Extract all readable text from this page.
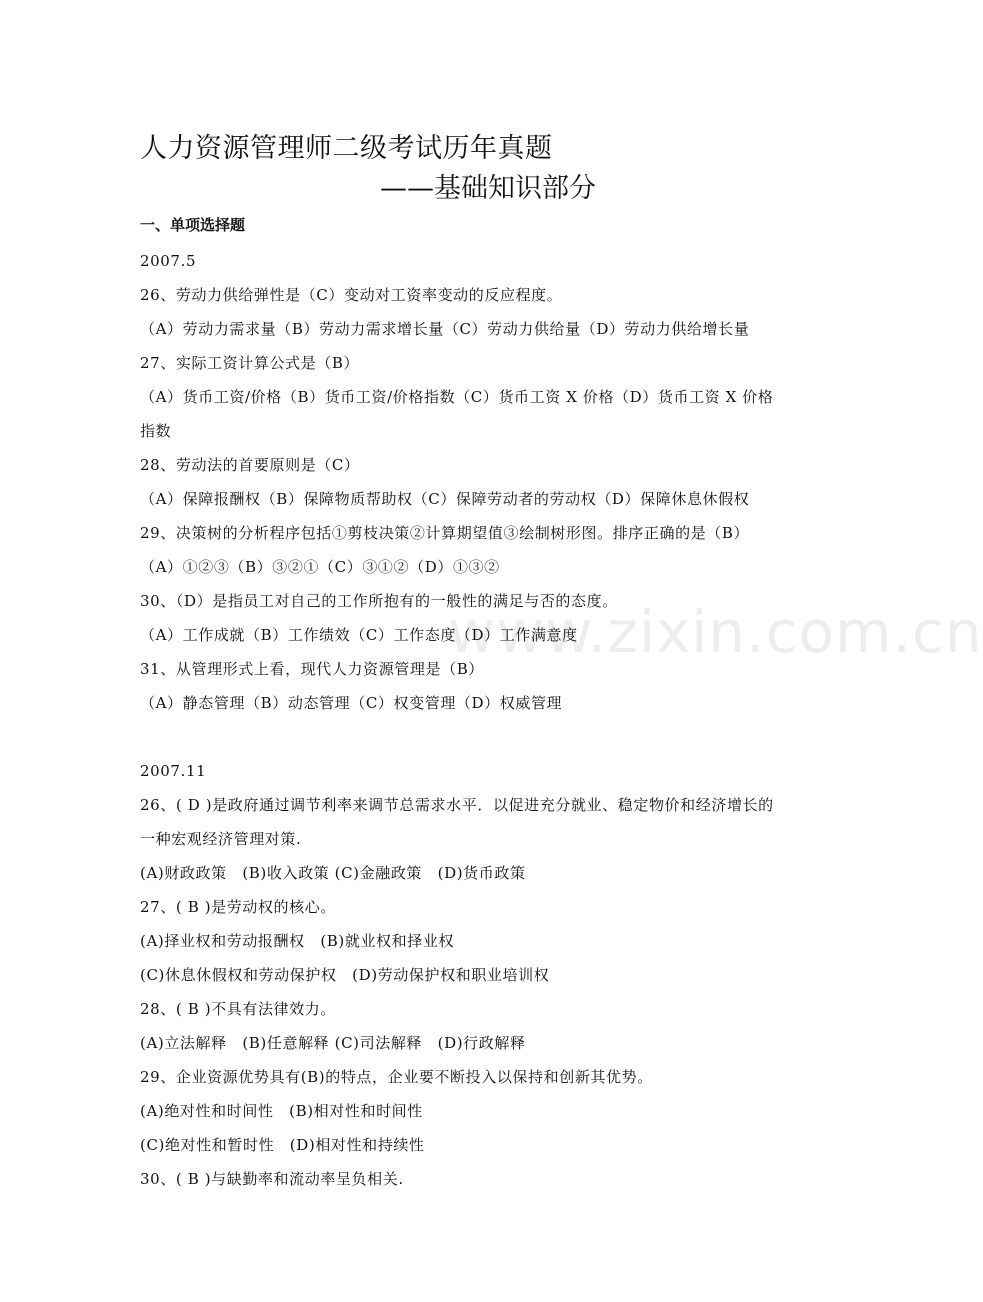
人力资源管理师二级考试历年真题
——基础知识部分
一、单项选择题
2007.5
26、劳动力供给弹性是（C）变动对工资率变动的反应程度。
（A）劳动力需求量（B）劳动力需求增长量（C）劳动力供给量（D）劳动力供给增长量
27、实际工资计算公式是（B）
（A）货币工资/价格（B）货币工资/价格指数（C）货币工资 X 价格（D）货币工资 X 价格
指数
28、劳动法的首要原则是（C）
（A）保障报酬权（B）保障物质帮助权（C）保障劳动者的劳动权（D）保障休息休假权
29、决策树的分析程序包括①剪枝决策②计算期望值③绘制树形图。排序正确的是（B）
（A）①②③（B）③②①（C）③①②（D）①③②
30、（D）是指员工对自己的工作所抱有的一般性的满足与否的态度。
（A）工作成就（B）工作绩效（C）工作态度（D）工作满意度
31、从管理形式上看，现代人力资源管理是（B）
（A）静态管理（B）动态管理（C）权变管理（D）权威管理
2007.11
26、( D )是政府通过调节利率来调节总需求水平．以促进充分就业、稳定物价和经济增长的
一种宏观经济管理对策.
(A)财政政策　(B)收入政策 (C)金融政策　(D)货币政策
27、( B )是劳动权的核心。
(A)择业权和劳动报酬权　(B)就业权和择业权
(C)休息休假权和劳动保护权　(D)劳动保护权和职业培训权
28、( B )不具有法律效力。
(A)立法解释　(B)任意解释 (C)司法解释　(D)行政解释
29、企业资源优势具有(B)的特点，企业要不断投入以保持和创新其优势。
(A)绝对性和时间性　(B)相对性和时间性
(C)绝对性和暂时性　(D)相对性和持续性
30、( B )与缺勤率和流动率呈负相关.
www.zixin.com.cn
